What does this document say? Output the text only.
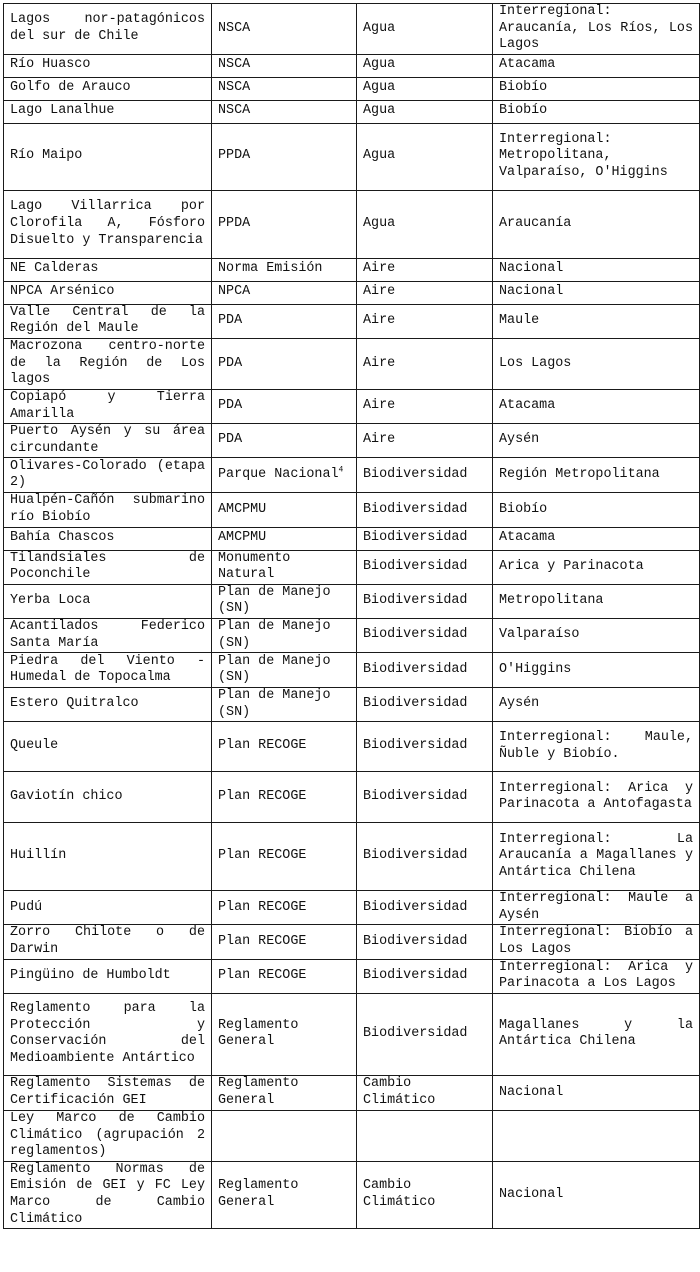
Lagos nor-patagónicos del sur de Chile	NSCA	Agua	Interregional: Araucanía, Los Ríos, Los Lagos
Río Huasco	NSCA	Agua	Atacama
Golfo de Arauco	NSCA	Agua	Biobío
Lago Lanalhue	NSCA	Agua	Biobío
Río Maipo	PPDA	Agua	Interregional: Metropolitana, Valparaíso, O'Higgins
Lago Villarrica por Clorofila A, Fósforo Disuelto y Transparencia	PPDA	Agua	Araucanía
NE Calderas	Norma Emisión	Aire	Nacional
NPCA Arsénico	NPCA	Aire	Nacional
Valle Central de la Región del Maule	PDA	Aire	Maule
Macrozona centro-norte de la Región de Los lagos	PDA	Aire	Los Lagos
Copiapó y Tierra Amarilla	PDA	Aire	Atacama
Puerto Aysén y su área circundante	PDA	Aire	Aysén
Olivares-Colorado (etapa 2)	Parque Nacional$^4$	Biodiversidad	Región Metropolitana
Hualpén-Cañón submarino río Biobío	AMCPMU	Biodiversidad	Biobío
Bahía Chascos	AMCPMU	Biodiversidad	Atacama
Tilandsiales de Poconchile	Monumento Natural	Biodiversidad	Arica y Parinacota
Yerba Loca	Plan de Manejo (SN)	Biodiversidad	Metropolitana
Acantilados Federico Santa María	Plan de Manejo (SN)	Biodiversidad	Valparaíso
Piedra del Viento - Humedal de Topocalma	Plan de Manejo (SN)	Biodiversidad	O'Higgins
Estero Quitralco	Plan de Manejo (SN)	Biodiversidad	Aysén
Queule	Plan RECOGE	Biodiversidad	Interregional: Maule, Ñuble y Biobío.
Gaviotín chico	Plan RECOGE	Biodiversidad	Interregional: Arica y Parinacota a Antofagasta
Huillín	Plan RECOGE	Biodiversidad	Interregional: La Araucanía a Magallanes y Antártica Chilena
Pudú	Plan RECOGE	Biodiversidad	Interregional: Maule a Aysén
Zorro Chilote o de Darwin	Plan RECOGE	Biodiversidad	Interregional: Biobío a Los Lagos
Pingüino de Humboldt	Plan RECOGE	Biodiversidad	Interregional: Arica y Parinacota a Los Lagos
Reglamento para la Protección y Conservación del Medioambiente Antártico	Reglamento General	Biodiversidad	Magallanes y la Antártica Chilena
Reglamento Sistemas de Certificación GEI	Reglamento General	Cambio Climático	Nacional
Ley Marco de Cambio Climático (agrupación 2 reglamentos)			
Reglamento Normas de Emisión de GEI y FC Ley Marco de Cambio Climático	Reglamento General	Cambio Climático	Nacional
